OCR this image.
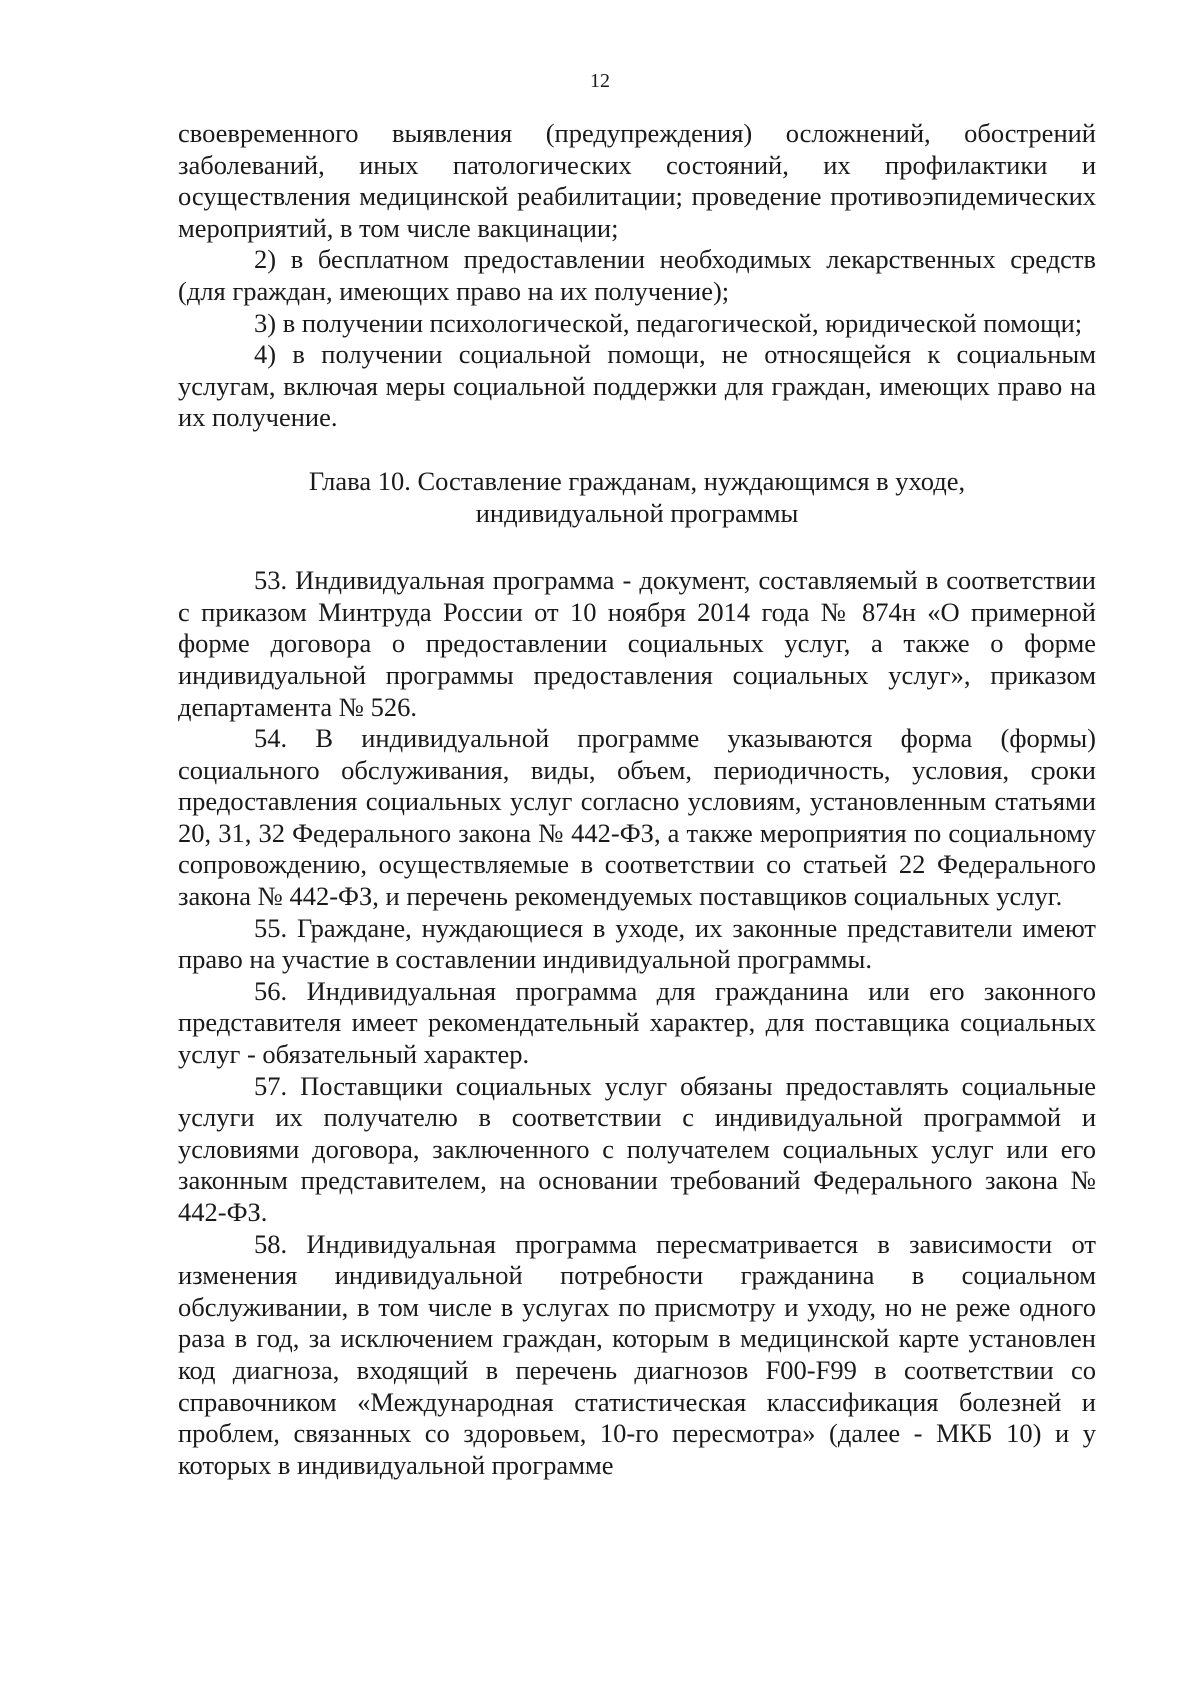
12

своевременного выявления (предупреждения) осложнений, обострений заболеваний, иных патологических состояний, их профилактики и осуществления медицинской реабилитации; проведение противоэпидемических мероприятий, в том числе вакцинации;

2) в бесплатном предоставлении необходимых лекарственных средств (для граждан, имеющих право на их получение);

3) в получении психологической, педагогической, юридической помощи;

4) в получении социальной помощи, не относящейся к социальным услугам, включая меры социальной поддержки для граждан, имеющих право на их получение.

Глава 10. Составление гражданам, нуждающимся в уходе,
индивидуальной программы

53. Индивидуальная программа - документ, составляемый в соответствии с приказом Минтруда России от 10 ноября 2014 года № 874н «О примерной форме договора о предоставлении социальных услуг, а также о форме индивидуальной программы предоставления социальных услуг», приказом департамента № 526.

54. В индивидуальной программе указываются форма (формы) социального обслуживания, виды, объем, периодичность, условия, сроки предоставления социальных услуг согласно условиям, установленным статьями 20, 31, 32 Федерального закона № 442-ФЗ, а также мероприятия по социальному сопровождению, осуществляемые в соответствии со статьей 22 Федерального закона № 442-ФЗ, и перечень рекомендуемых поставщиков социальных услуг.

55. Граждане, нуждающиеся в уходе, их законные представители имеют право на участие в составлении индивидуальной программы.

56. Индивидуальная программа для гражданина или его законного представителя имеет рекомендательный характер, для поставщика социальных услуг - обязательный характер.

57. Поставщики социальных услуг обязаны предоставлять социальные услуги их получателю в соответствии с индивидуальной программой и условиями договора, заключенного с получателем социальных услуг или его законным представителем, на основании требований Федерального закона № 442-ФЗ.

58. Индивидуальная программа пересматривается в зависимости от изменения индивидуальной потребности гражданина в социальном обслуживании, в том числе в услугах по присмотру и уходу, но не реже одного раза в год, за исключением граждан, которым в медицинской карте установлен код диагноза, входящий в перечень диагнозов F00-F99 в соответствии со справочником «Международная статистическая классификация болезней и проблем, связанных со здоровьем, 10-го пересмотра» (далее - МКБ 10) и у которых в индивидуальной программе
